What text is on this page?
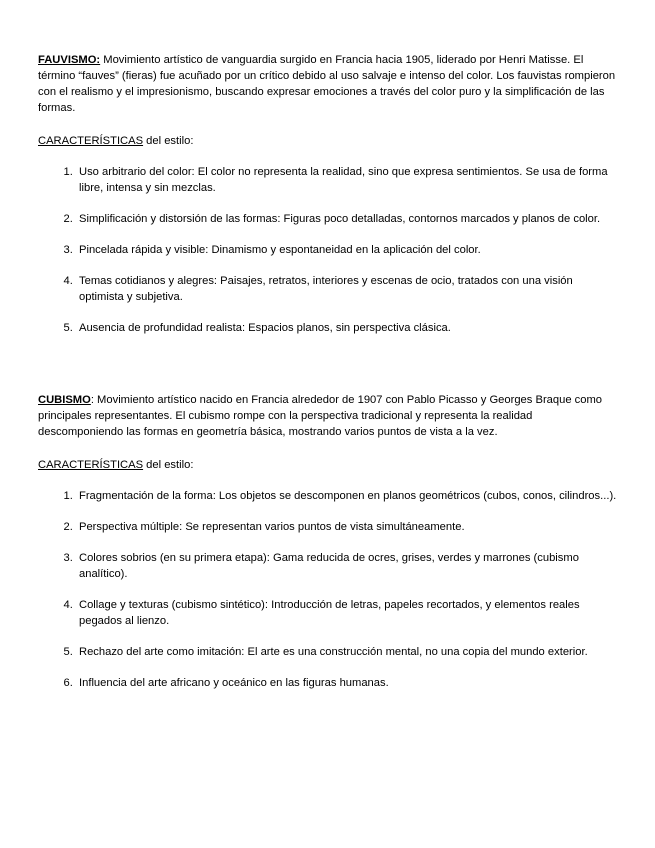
FAUVISMO: Movimiento artístico de vanguardia surgido en Francia hacia 1905, liderado por Henri Matisse. El término “fauves” (fieras) fue acuñado por un crítico debido al uso salvaje e intenso del color. Los fauvistas rompieron con el realismo y el impresionismo, buscando expresar emociones a través del color puro y la simplificación de las formas.

CARACTERÍSTICAS del estilo:

1. Uso arbitrario del color: El color no representa la realidad, sino que expresa sentimientos. Se usa de forma libre, intensa y sin mezclas.
2. Simplificación y distorsión de las formas: Figuras poco detalladas, contornos marcados y planos de color.
3. Pincelada rápida y visible: Dinamismo y espontaneidad en la aplicación del color.
4. Temas cotidianos y alegres: Paisajes, retratos, interiores y escenas de ocio, tratados con una visión optimista y subjetiva.
5. Ausencia de profundidad realista: Espacios planos, sin perspectiva clásica.

CUBISMO: Movimiento artístico nacido en Francia alrededor de 1907 con Pablo Picasso y Georges Braque como principales representantes. El cubismo rompe con la perspectiva tradicional y representa la realidad descomponiendo las formas en geometría básica, mostrando varios puntos de vista a la vez.

CARACTERÍSTICAS del estilo:

1. Fragmentación de la forma: Los objetos se descomponen en planos geométricos (cubos, conos, cilindros...).
2. Perspectiva múltiple: Se representan varios puntos de vista simultáneamente.
3. Colores sobrios (en su primera etapa): Gama reducida de ocres, grises, verdes y marrones (cubismo analítico).
4. Collage y texturas (cubismo sintético): Introducción de letras, papeles recortados, y elementos reales pegados al lienzo.
5. Rechazo del arte como imitación: El arte es una construcción mental, no una copia del mundo exterior.
6. Influencia del arte africano y oceánico en las figuras humanas.
